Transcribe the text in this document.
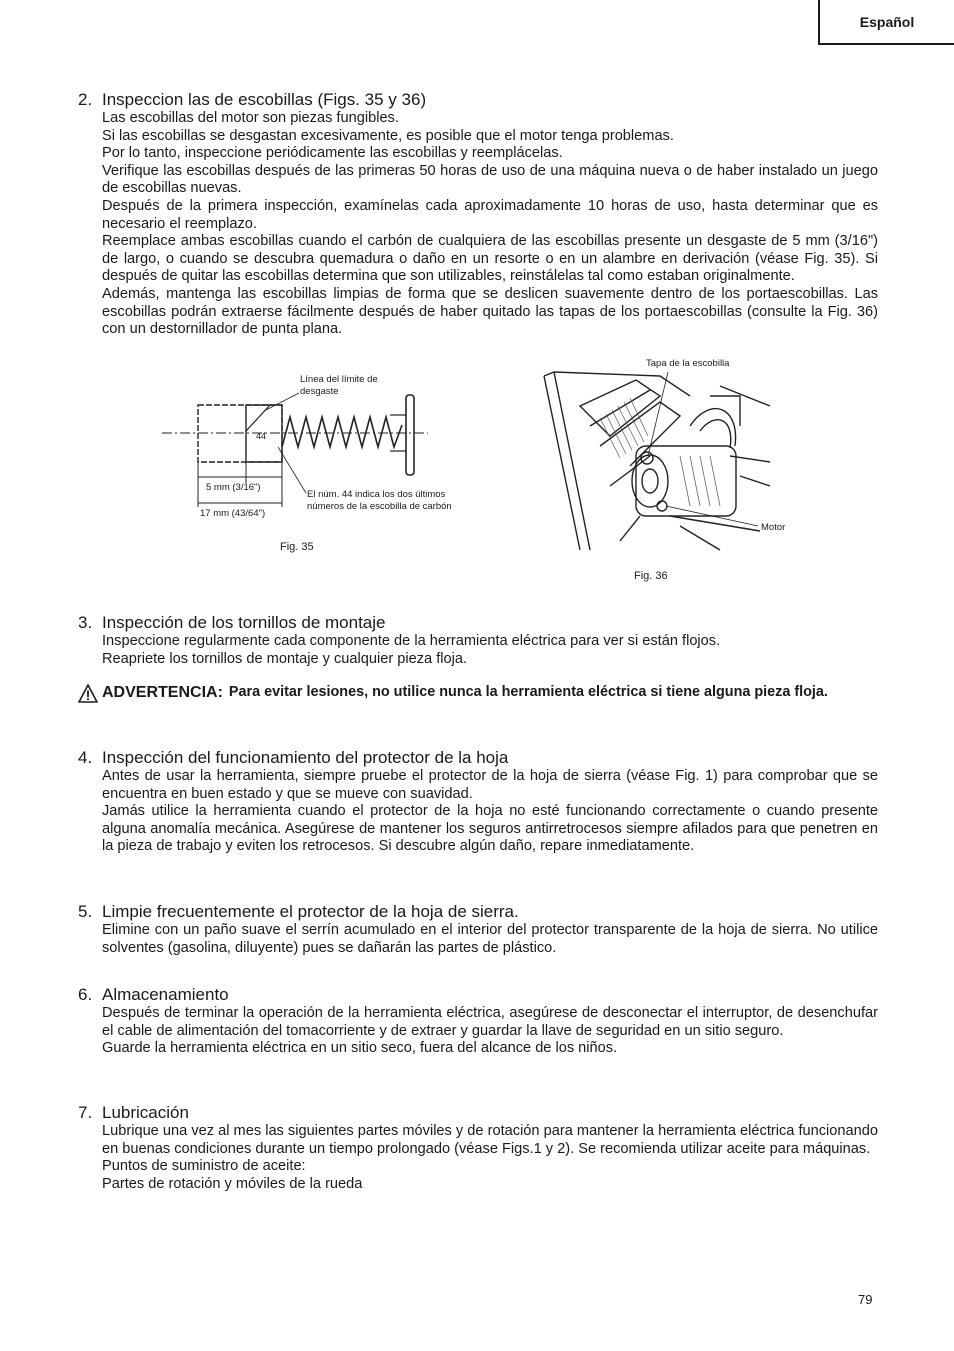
Español
2. Inspeccion las de escobillas (Figs. 35 y 36)

Las escobillas del motor son piezas fungibles.

Si las escobillas se desgastan excesivamente, es posible que el motor tenga problemas.

Por lo tanto, inspeccione periódicamente las escobillas y reemplácelas.

Verifique las escobillas después de las primeras 50 horas de uso de una máquina nueva o de haber instalado un juego de escobillas nuevas.

Después de la primera inspección, examínelas cada aproximadamente 10 horas de uso, hasta determinar que es necesario el reemplazo.

Reemplace ambas escobillas cuando el carbón de cualquiera de las escobillas presente un desgaste de 5 mm (3/16") de largo, o cuando se descubra quemadura o daño en un resorte o en un alambre en derivación (véase Fig. 35). Si después de quitar las escobillas determina que son utilizables, reinstálelas tal como estaban originalmente.

Además, mantenga las escobillas limpias de forma que se deslicen suavemente dentro de los portaescobillas. Las escobillas podrán extraerse fácilmente después de haber quitado las tapas de los portaescobillas (consulte la Fig. 36) con un destornillador de punta plana.

Línea del límite de
desgaste
44
5 mm (3/16")
17 mm (43/64")
El núm. 44 indica los dos últimos
números de la escobilla de carbón
Fig. 35
Tapa de la escobilla
Motor
Fig. 36
3. Inspección de los tornillos de montaje

Inspeccione regularmente cada componente de la herramienta eléctrica para ver si están flojos.

Reapriete los tornillos de montaje y cualquier pieza floja.

ADVERTENCIA: Para evitar lesiones, no utilice nunca la herramienta eléctrica si tiene alguna pieza floja.
4. Inspección del funcionamiento del protector de la hoja

Antes de usar la herramienta, siempre pruebe el protector de la hoja de sierra (véase Fig. 1) para comprobar que se encuentra en buen estado y que se mueve con suavidad.

Jamás utilice la herramienta cuando el protector de la hoja no esté funcionando correctamente o cuando presente alguna anomalía mecánica. Asegúrese de mantener los seguros antirretrocesos siempre afilados para que penetren en la pieza de trabajo y eviten los retrocesos. Si descubre algún daño, repare inmediatamente.

5. Limpie frecuentemente el protector de la hoja de sierra.

Elimine con un paño suave el serrín acumulado en el interior del protector transparente de la hoja de sierra. No utilice solventes (gasolina, diluyente) pues se dañarán las partes de plástico.

6. Almacenamiento

Después de terminar la operación de la herramienta eléctrica, asegúrese de desconectar el interruptor, de desenchufar el cable de alimentación del tomacorriente y de extraer y guardar la llave de seguridad en un sitio seguro.

Guarde la herramienta eléctrica en un sitio seco, fuera del alcance de los niños.

7. Lubricación

Lubrique una vez al mes las siguientes partes móviles y de rotación para mantener la herramienta eléctrica funcionando en buenas condiciones durante un tiempo prolongado (véase Figs.1 y 2). Se recomienda utilizar aceite para máquinas.

Puntos de suministro de aceite:

Partes de rotación y móviles de la rueda

79
